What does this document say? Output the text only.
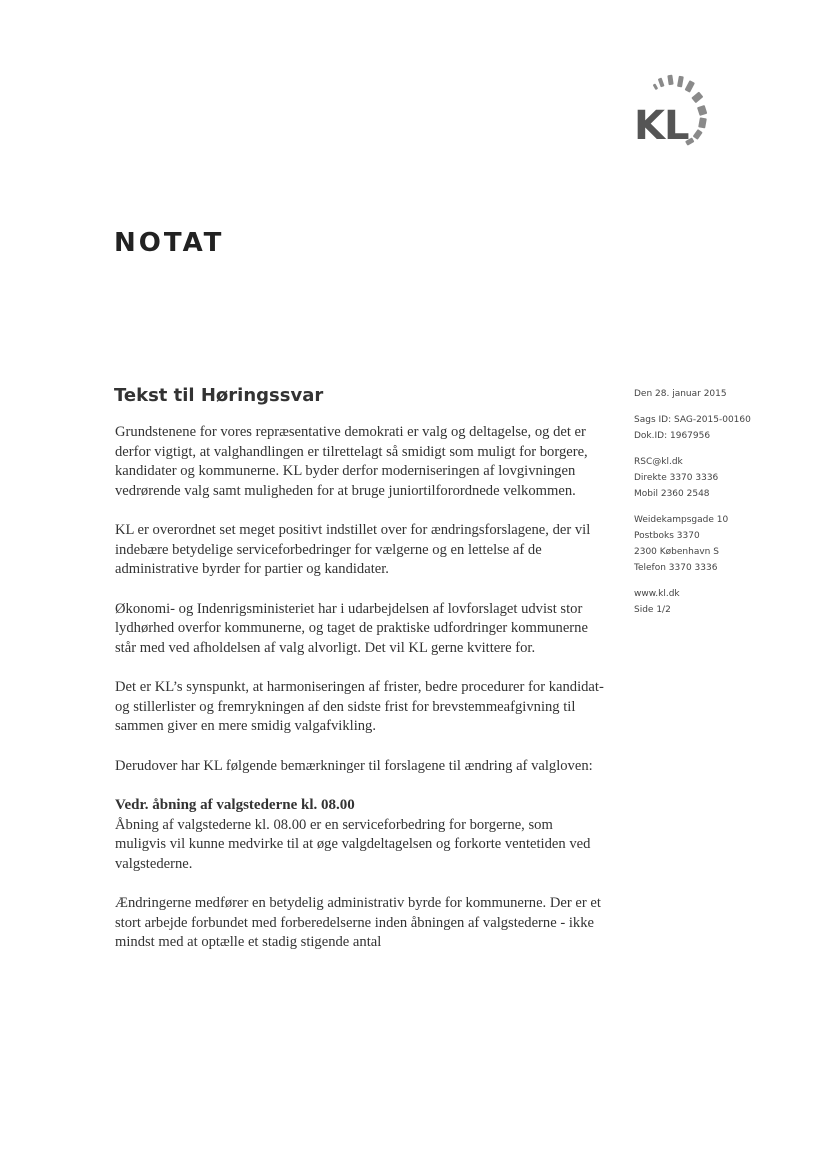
KL
NOTAT
Tekst til Høringssvar

Grundstenene for vores repræsentative demokrati er valg og deltagelse, og det er derfor vigtigt, at valghandlingen er tilrettelagt så smidigt som muligt for borgere, kandidater og kommunerne. KL byder derfor moderniseringen af lovgivningen vedrørende valg samt muligheden for at bruge juniortilforordnede velkommen.

KL er overordnet set meget positivt indstillet over for ændringsforslagene, der vil indebære betydelige serviceforbedringer for vælgerne og en lettelse af de administrative byrder for partier og kandidater.

Økonomi- og Indenrigsministeriet har i udarbejdelsen af lovforslaget udvist stor lydhørhed overfor kommunerne, og taget de praktiske udfordringer kommunerne står med ved afholdelsen af valg alvorligt. Det vil KL gerne kvittere for.

Det er KL’s synspunkt, at harmoniseringen af frister, bedre procedurer for kandidat- og stillerlister og fremrykningen af den sidste frist for brevstemmeafgivning til sammen giver en mere smidig valgafvikling.

Derudover har KL følgende bemærkninger til forslagene til ændring af valgloven:

Vedr. åbning af valgstederne kl. 08.00

Åbning af valgstederne kl. 08.00 er en serviceforbedring for borgerne, som muligvis vil kunne medvirke til at øge valgdeltagelsen og forkorte ventetiden ved valgstederne.

Ændringerne medfører en betydelig administrativ byrde for kommunerne. Der er et stort arbejde forbundet med forberedelserne inden åbningen af valgstederne - ikke mindst med at optælle et stadig stigende antal

Den 28. januar 2015
Sags ID: SAG-2015-00160
Dok.ID: 1967956
RSC@kl.dk
Direkte 3370 3336
Mobil 2360 2548
Weidekampsgade 10
Postboks 3370
2300 København S
Telefon 3370 3336
www.kl.dk
Side 1/2
